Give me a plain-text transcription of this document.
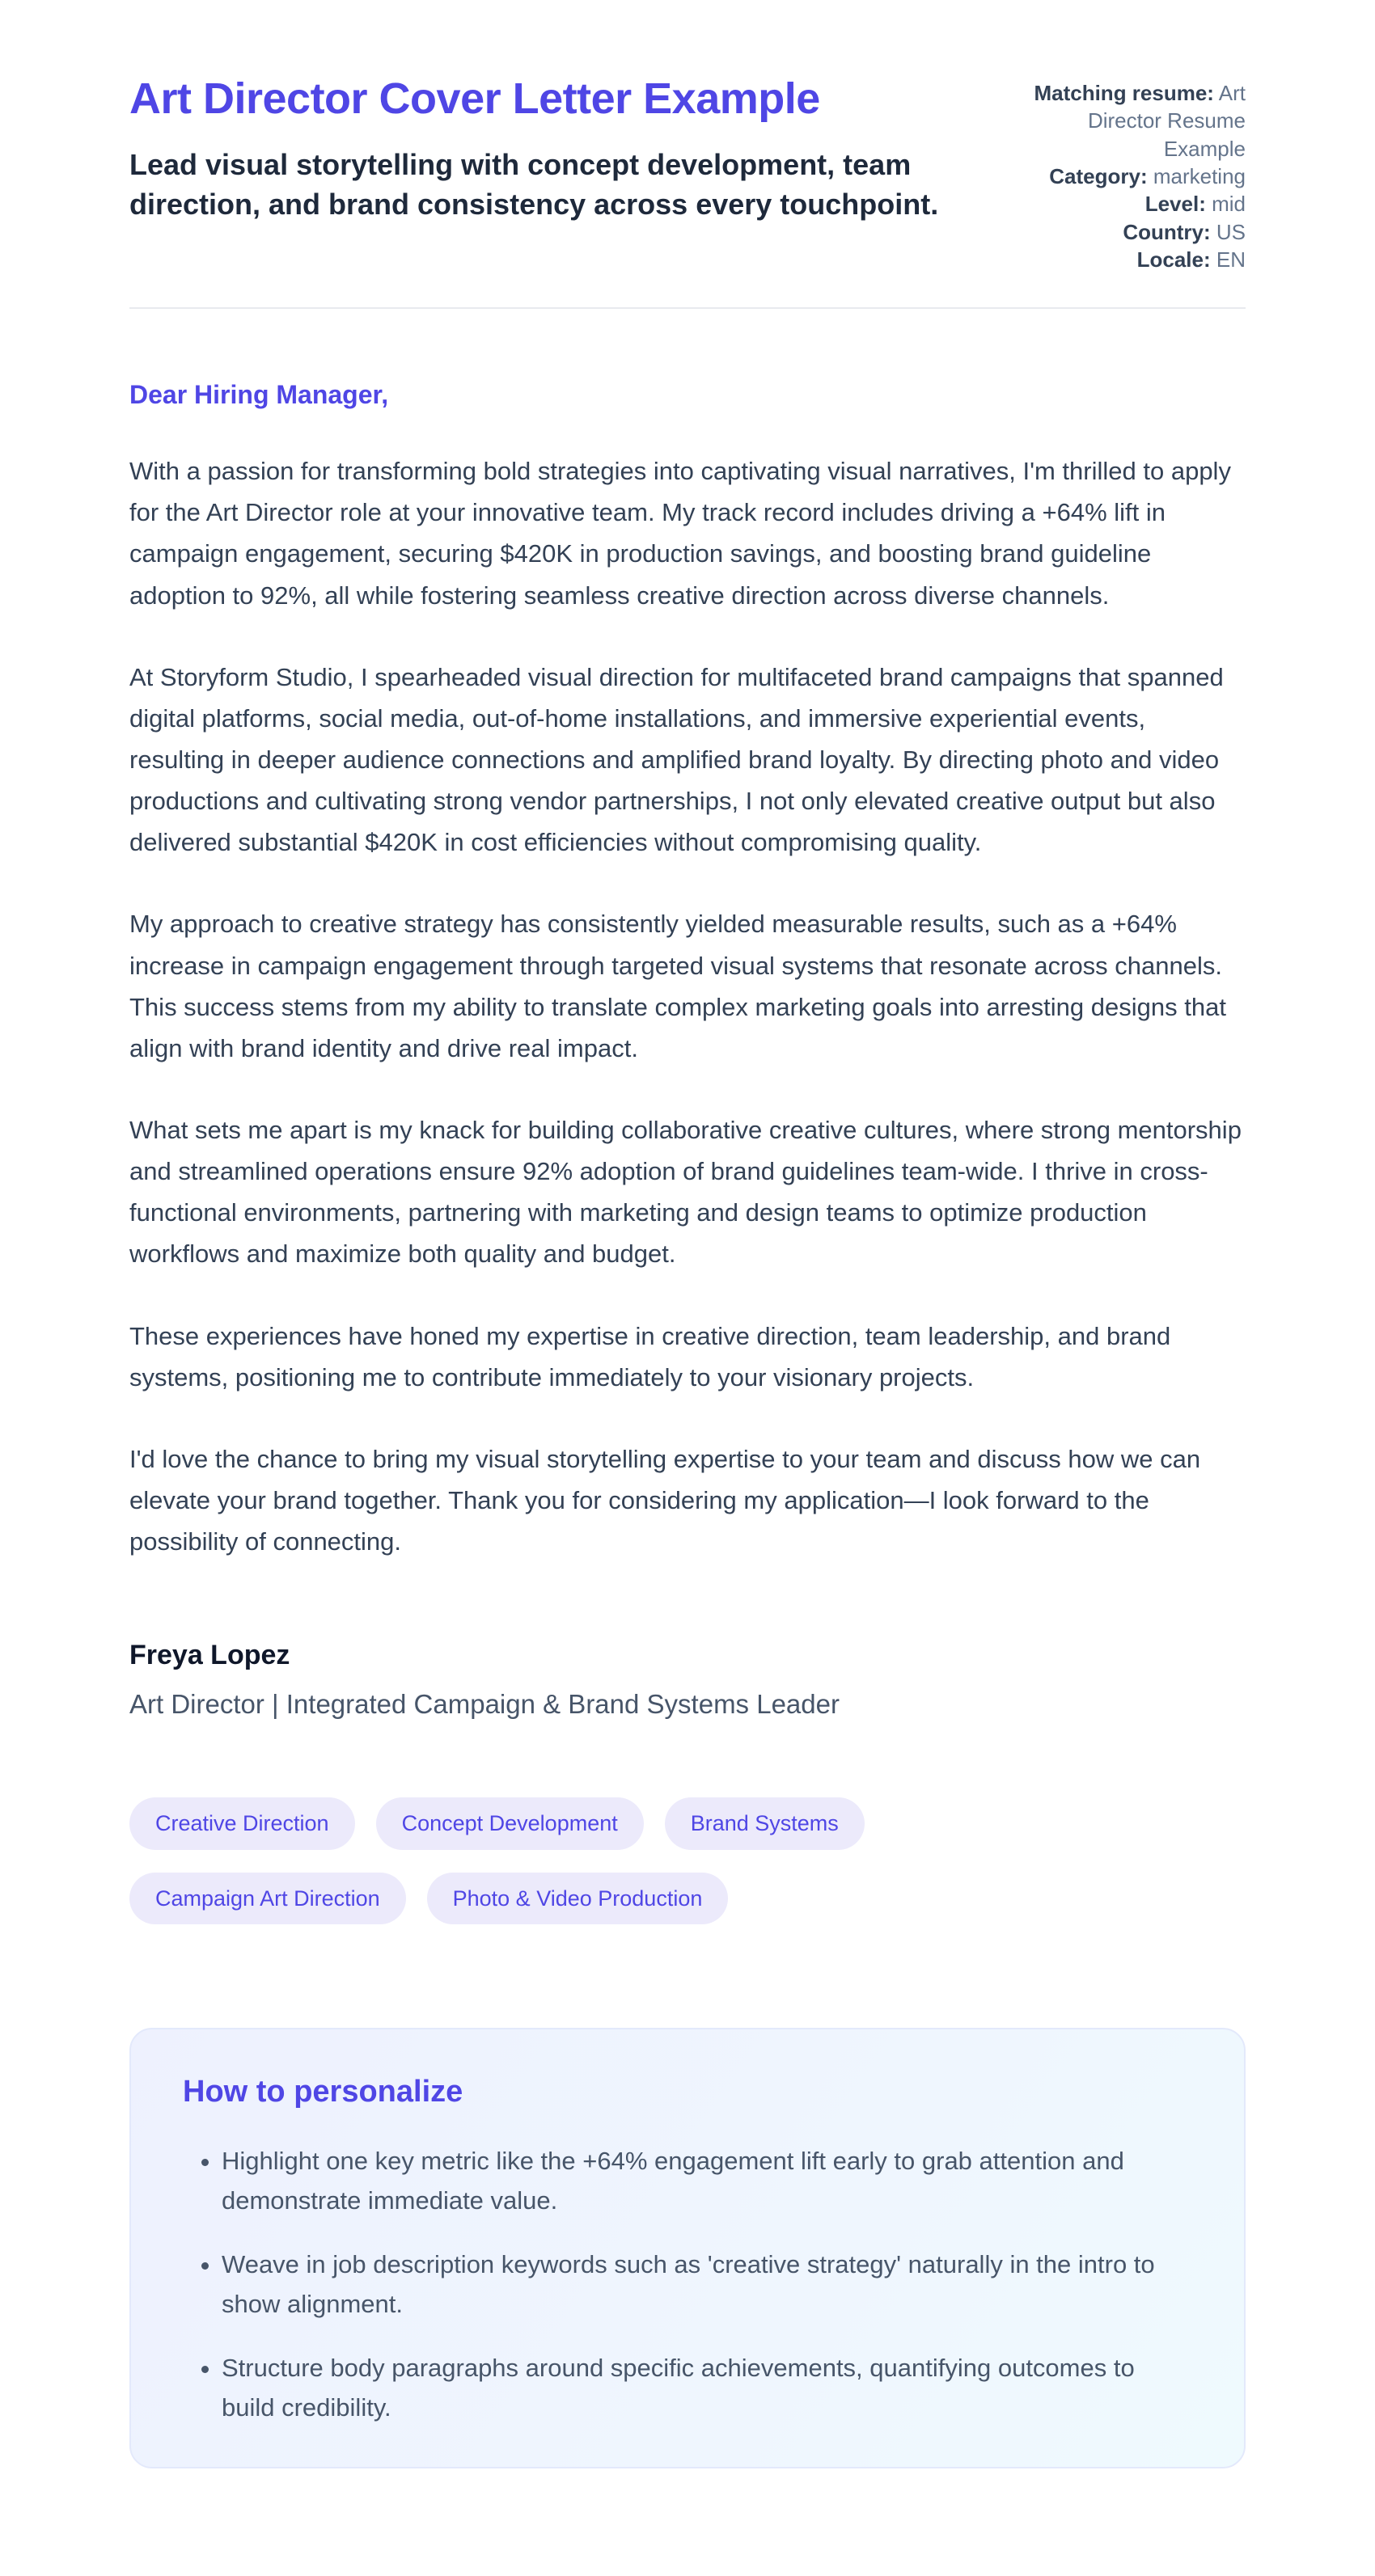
Art Director Cover Letter Example

Lead visual storytelling with concept development, team direction, and brand consistency across every touchpoint.

Matching resume: Art Director Resume Example
Category: marketing
Level: mid
Country: US
Locale: EN

Dear Hiring Manager,

With a passion for transforming bold strategies into captivating visual narratives, I'm thrilled to apply for the Art Director role at your innovative team. My track record includes driving a +64% lift in campaign engagement, securing $420K in production savings, and boosting brand guideline adoption to 92%, all while fostering seamless creative direction across diverse channels.

At Storyform Studio, I spearheaded visual direction for multifaceted brand campaigns that spanned digital platforms, social media, out-of-home installations, and immersive experiential events, resulting in deeper audience connections and amplified brand loyalty. By directing photo and video productions and cultivating strong vendor partnerships, I not only elevated creative output but also delivered substantial $420K in cost efficiencies without compromising quality.

My approach to creative strategy has consistently yielded measurable results, such as a +64% increase in campaign engagement through targeted visual systems that resonate across channels. This success stems from my ability to translate complex marketing goals into arresting designs that align with brand identity and drive real impact.

What sets me apart is my knack for building collaborative creative cultures, where strong mentorship and streamlined operations ensure 92% adoption of brand guidelines team-wide. I thrive in cross-functional environments, partnering with marketing and design teams to optimize production workflows and maximize both quality and budget.

These experiences have honed my expertise in creative direction, team leadership, and brand systems, positioning me to contribute immediately to your visionary projects.

I'd love the chance to bring my visual storytelling expertise to your team and discuss how we can elevate your brand together. Thank you for considering my application—I look forward to the possibility of connecting.

Freya Lopez

Art Director | Integrated Campaign & Brand Systems Leader

Creative Direction	Concept Development	Brand Systems
Campaign Art Direction	Photo & Video Production
How to personalize
• Highlight one key metric like the +64% engagement lift early to grab attention and demonstrate immediate value.
• Weave in job description keywords such as 'creative strategy' naturally in the intro to show alignment.
• Structure body paragraphs around specific achievements, quantifying outcomes to build credibility.
